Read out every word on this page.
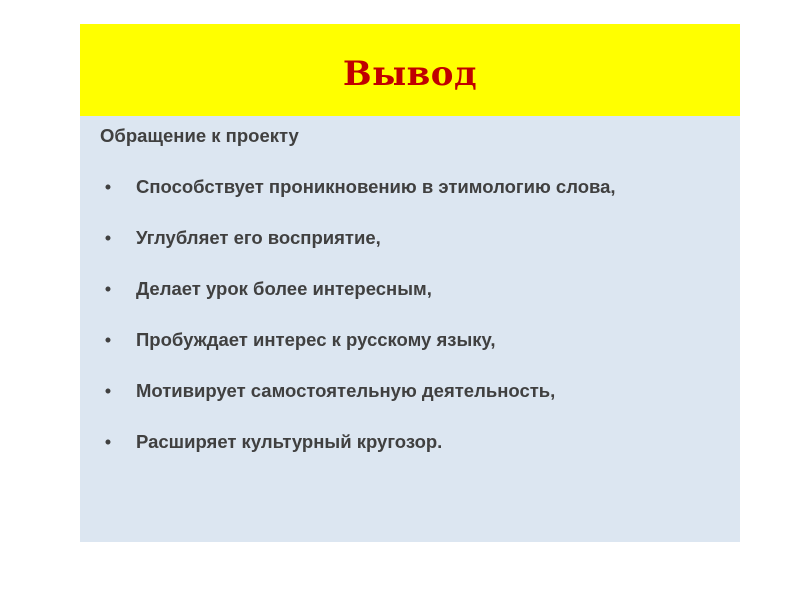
Вывод

Обращение к проекту

• Способствует проникновению в этимологию слова,
• Углубляет его восприятие,
• Делает урок более интересным,
• Пробуждает интерес к русскому языку,
• Мотивирует самостоятельную деятельность,
• Расширяет культурный кругозор.
